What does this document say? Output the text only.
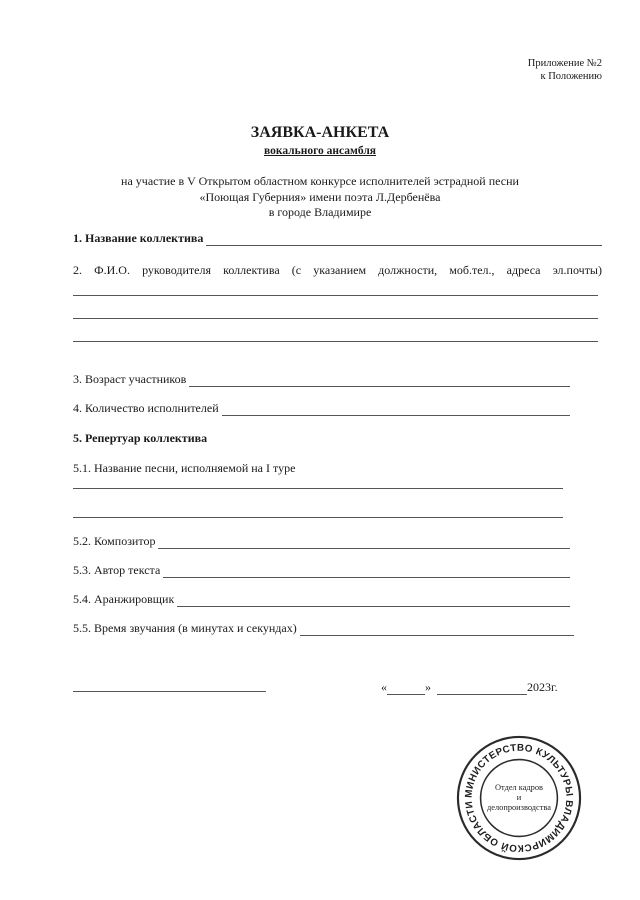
Приложение №2
к Положению
ЗАЯВКА-АНКЕТА
вокального ансамбля
на участие в V Открытом областном конкурсе исполнителей эстрадной песни
«Поющая Губерния» имени поэта Л.Дербенёва
в городе Владимире
1. Название коллектива
2. Ф.И.О. руководителя коллектива (с указанием должности, моб.тел., адреса эл.почты)
3. Возраст участников
4. Количество исполнителей
5. Репертуар коллектива
5.1. Название песни, исполняемой на I туре
5.2. Композитор
5.3. Автор текста
5.4. Аранжировщик
5.5. Время звучания (в минутах и секундах)
«	»	2023г.
МИНИСТЕРСТВО КУЛЬТУРЫ ВЛАДИМИРСКОЙ ОБЛАСТИ
Отдел кадров
и
делопроизводства
